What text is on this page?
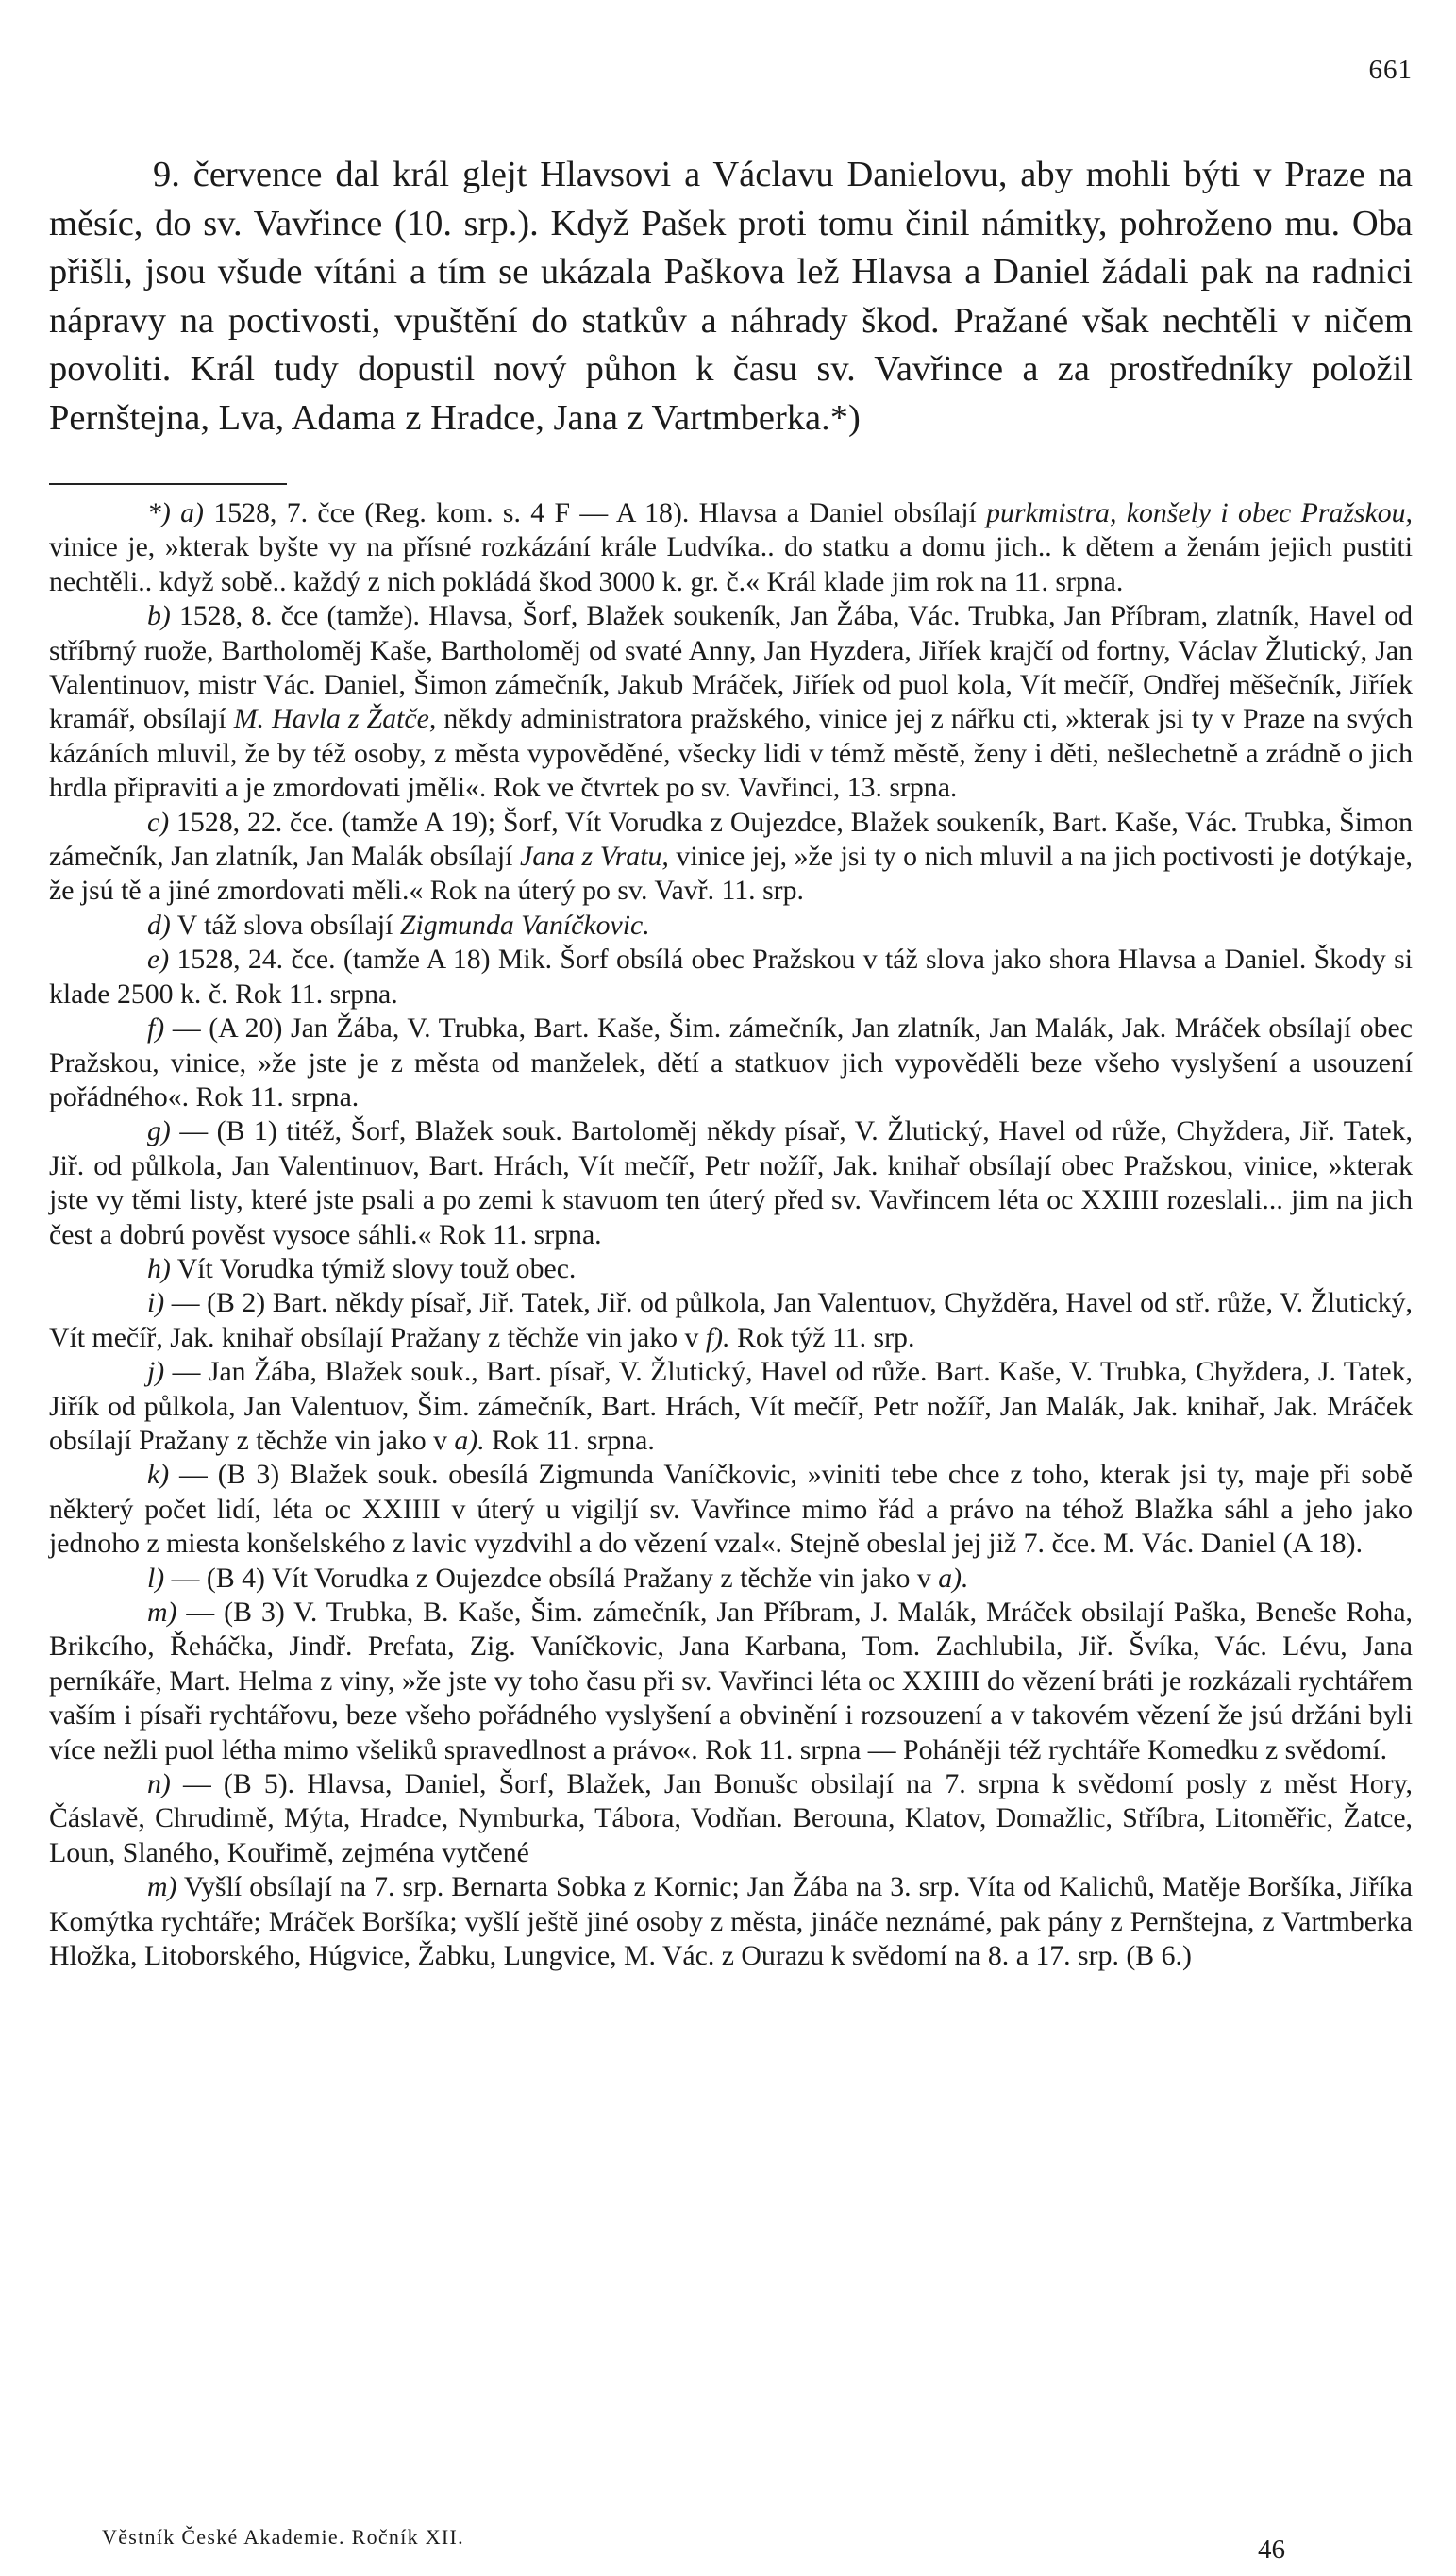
661

9. července dal král glejt Hlavsovi a Václavu Danielovu, aby mohli býti v Praze na měsíc, do sv. Vavřince (10. srp.). Když Pašek proti tomu činil námitky, pohroženo mu. Oba přišli, jsou všude vítáni a tím se ukázala Paškova lež Hlavsa a Daniel žádali pak na radnici nápravy na poctivosti, vpuštění do statkův a náhrady škod. Pražané však nechtěli v ničem povoliti. Král tudy dopustil nový půhon k času sv. Vavřince a za prostředníky položil Pernštejna, Lva, Adama z Hradce, Jana z Vartmberka.*)

*) a) 1528, 7. čce (Reg. kom. s. 4 F — A 18). Hlavsa a Daniel obsílají purkmistra, konšely i obec Pražskou, vinice je, »kterak byšte vy na přísné rozkázání krále Ludvíka.. do statku a domu jich.. k dětem a ženám jejich pustiti nechtěli.. když sobě.. každý z nich pokládá škod 3000 k. gr. č.« Král klade jim rok na 11. srpna.

b) 1528, 8. čce (tamže). Hlavsa, Šorf, Blažek soukeník, Jan Žába, Vác. Trubka, Jan Příbram, zlatník, Havel od stříbrný ruože, Bartholoměj Kaše, Bartholoměj od svaté Anny, Jan Hyzdera, Jiříek krajčí od fortny, Václav Žlutický, Jan Valentinuov, mistr Vác. Daniel, Šimon zámečník, Jakub Mráček, Jiříek od puol kola, Vít mečíř, Ondřej měšečník, Jiříek kramář, obsílají M. Havla z Žatče, někdy administratora pražského, vinice jej z nářku cti, »kterak jsi ty v Praze na svých kázáních mluvil, že by též osoby, z města vypověděné, všecky lidi v témž městě, ženy i děti, nešlechetně a zrádně o jich hrdla připraviti a je zmordovati jměli«. Rok ve čtvrtek po sv. Vavřinci, 13. srpna.

c) 1528, 22. čce. (tamže A 19); Šorf, Vít Vorudka z Oujezdce, Blažek soukeník, Bart. Kaše, Vác. Trubka, Šimon zámečník, Jan zlatník, Jan Malák obsílají Jana z Vratu, vinice jej, »že jsi ty o nich mluvil a na jich poctivosti je dotýkaje, že jsú tě a jiné zmordovati měli.« Rok na úterý po sv. Vavř. 11. srp.

d) V táž slova obsílají Zigmunda Vaníčkovic.

e) 1528, 24. čce. (tamže A 18) Mik. Šorf obsílá obec Pražskou v táž slova jako shora Hlavsa a Daniel. Škody si klade 2500 k. č. Rok 11. srpna.

f) — (A 20) Jan Žába, V. Trubka, Bart. Kaše, Šim. zámečník, Jan zlatník, Jan Malák, Jak. Mráček obsílají obec Pražskou, vinice, »že jste je z města od manželek, dětí a statkuov jich vypověděli beze všeho vyslyšení a usouzení pořádného«. Rok 11. srpna.

g) — (B 1) titéž, Šorf, Blažek souk. Bartoloměj někdy písař, V. Žlutický, Havel od růže, Chyždera, Jiř. Tatek, Jiř. od půlkola, Jan Valentinuov, Bart. Hrách, Vít mečíř, Petr nožíř, Jak. knihař obsílají obec Pražskou, vinice, »kterak jste vy těmi listy, které jste psali a po zemi k stavuom ten úterý před sv. Vavřincem léta oc XXIIII rozeslali... jim na jich čest a dobrú pověst vysoce sáhli.« Rok 11. srpna.

h) Vít Vorudka týmiž slovy touž obec.

i) — (B 2) Bart. někdy písař, Jiř. Tatek, Jiř. od půlkola, Jan Valentuov, Chyžděra, Havel od stř. růže, V. Žlutický, Vít mečíř, Jak. knihař obsílají Pražany z těchže vin jako v f). Rok týž 11. srp.

j) — Jan Žába, Blažek souk., Bart. písař, V. Žlutický, Havel od růže. Bart. Kaše, V. Trubka, Chyždera, J. Tatek, Jiřík od půlkola, Jan Valentuov, Šim. zámečník, Bart. Hrách, Vít mečíř, Petr nožíř, Jan Malák, Jak. knihař, Jak. Mráček obsílají Pražany z těchže vin jako v a). Rok 11. srpna.

k) — (B 3) Blažek souk. obesílá Zigmunda Vaníčkovic, »viniti tebe chce z toho, kterak jsi ty, maje při sobě některý počet lidí, léta oc XXIIII v úterý u vigiljí sv. Vavřince mimo řád a právo na téhož Blažka sáhl a jeho jako jednoho z miesta konšelského z lavic vyzdvihl a do vězení vzal«. Stejně obeslal jej již 7. čce. M. Vác. Daniel (A 18).

l) — (B 4) Vít Vorudka z Oujezdce obsílá Pražany z těchže vin jako v a).

m) — (B 3) V. Trubka, B. Kaše, Šim. zámečník, Jan Příbram, J. Malák, Mráček obsilají Paška, Beneše Roha, Brikcího, Řeháčka, Jindř. Prefata, Zig. Vaníčkovic, Jana Karbana, Tom. Zachlubila, Jiř. Švíka, Vác. Lévu, Jana perníkáře, Mart. Helma z viny, »že jste vy toho času při sv. Vavřinci léta oc XXIIII do vězení bráti je rozkázali rychtářem vaším i písaři rychtářovu, beze všeho pořádného vyslyšení a obvinění i rozsouzení a v takovém vězení že jsú držáni byli více nežli puol létha mimo všeliků spravedlnost a právo«. Rok 11. srpna — Poháněji též rychtáře Komedku z svědomí.

n) — (B 5). Hlavsa, Daniel, Šorf, Blažek, Jan Bonušc obsilají na 7. srpna k svědomí posly z měst Hory, Čáslavě, Chrudimě, Mýta, Hradce, Nymburka, Tábora, Vodňan. Berouna, Klatov, Domažlic, Stříbra, Litoměřic, Žatce, Loun, Slaného, Kouřimě, zejména vytčené

m) Vyšlí obsílají na 7. srp. Bernarta Sobka z Kornic; Jan Žába na 3. srp. Víta od Kalichů, Matěje Boršíka, Jiříka Komýtka rychtáře; Mráček Boršíka; vyšlí ještě jiné osoby z města, jináče neznámé, pak pány z Pernštejna, z Vartmberka Hložka, Litoborského, Húgvice, Žabku, Lungvice, M. Vác. z Ourazu k svědomí na 8. a 17. srp. (B 6.)

Věstník České Akademie. Ročník XII.	46
